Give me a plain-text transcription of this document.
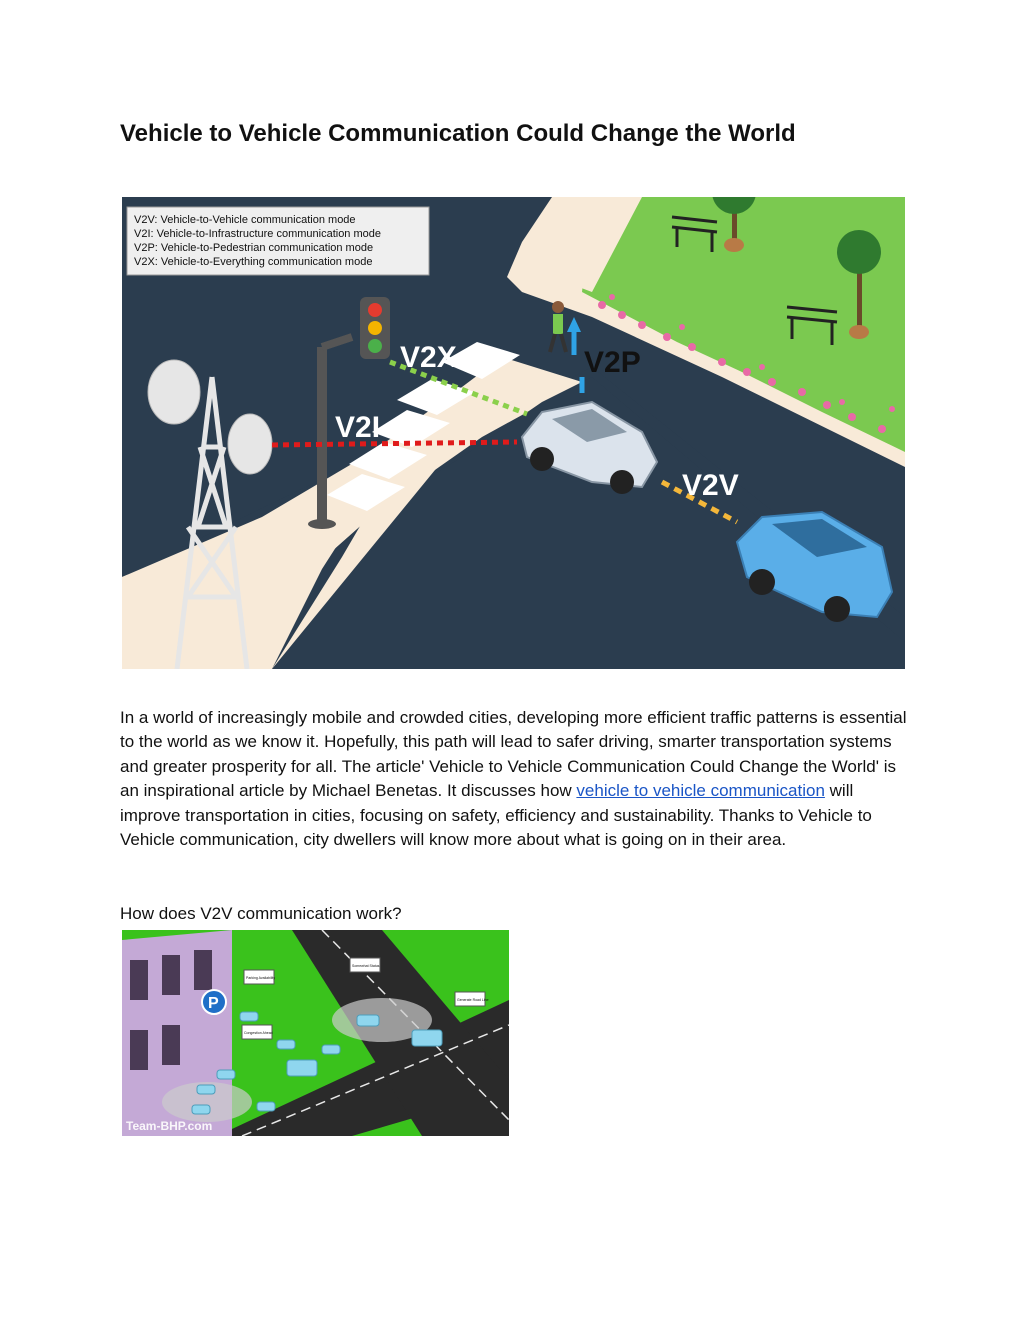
Vehicle to Vehicle Communication Could Change the World
V2X
V2I
V2P
V2V
V2V: Vehicle-to-Vehicle communication mode
V2I: Vehicle-to-Infrastructure communication mode
V2P: Vehicle-to-Pedestrian communication mode
V2X: Vehicle-to-Everything communication mode

In a world of increasingly mobile and crowded cities, developing more efficient traffic patterns is essential to the world as we know it. Hopefully, this path will lead to safer driving, smarter transportation systems and greater prosperity for all. The article' Vehicle to Vehicle Communication Could Change the World' is an inspirational article by Michael Benetas. It discusses how vehicle to vehicle communication will improve transportation in cities, focusing on safety, efficiency and sustainability. Thanks to Vehicle to Vehicle communication, city dwellers will know more about what is going on in their area.

How does V2V communication work?

P
Parking Availability
Somewhat Status
Congestion Ahead
Generate Road Line
Team-BHP.com
